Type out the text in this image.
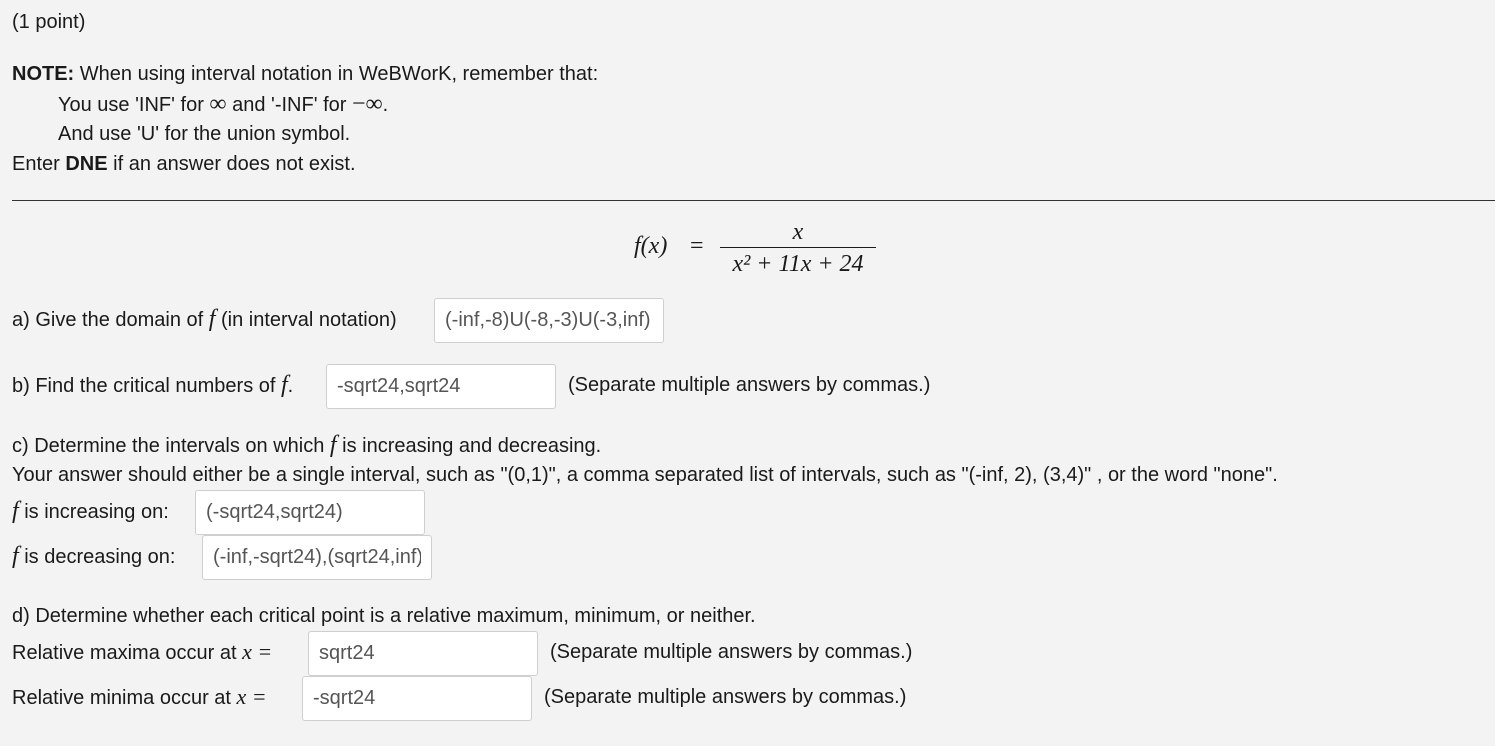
(1 point)
NOTE: When using interval notation in WeBWorK, remember that:
You use 'INF' for ∞ and '-INF' for −∞.
And use 'U' for the union symbol.
Enter DNE if an answer does not exist.
f(x) =
x
x² + 11x + 24
a) Give the domain of f (in interval notation)
(-inf,-8)U(-8,-3)U(-3,inf)
b) Find the critical numbers of f.
-sqrt24,sqrt24	(Separate multiple answers by commas.)
c) Determine the intervals on which f is increasing and decreasing.
Your answer should either be a single interval, such as "(0,1)", a comma separated list of intervals, such as "(-inf, 2), (3,4)" , or the word "none".
f is increasing on:
(-sqrt24,sqrt24)
f is decreasing on:
(-inf,-sqrt24),(sqrt24,inf)
d) Determine whether each critical point is a relative maximum, minimum, or neither.
Relative maxima occur at x =
sqrt24	(Separate multiple answers by commas.)
Relative minima occur at x =
-sqrt24	(Separate multiple answers by commas.)
